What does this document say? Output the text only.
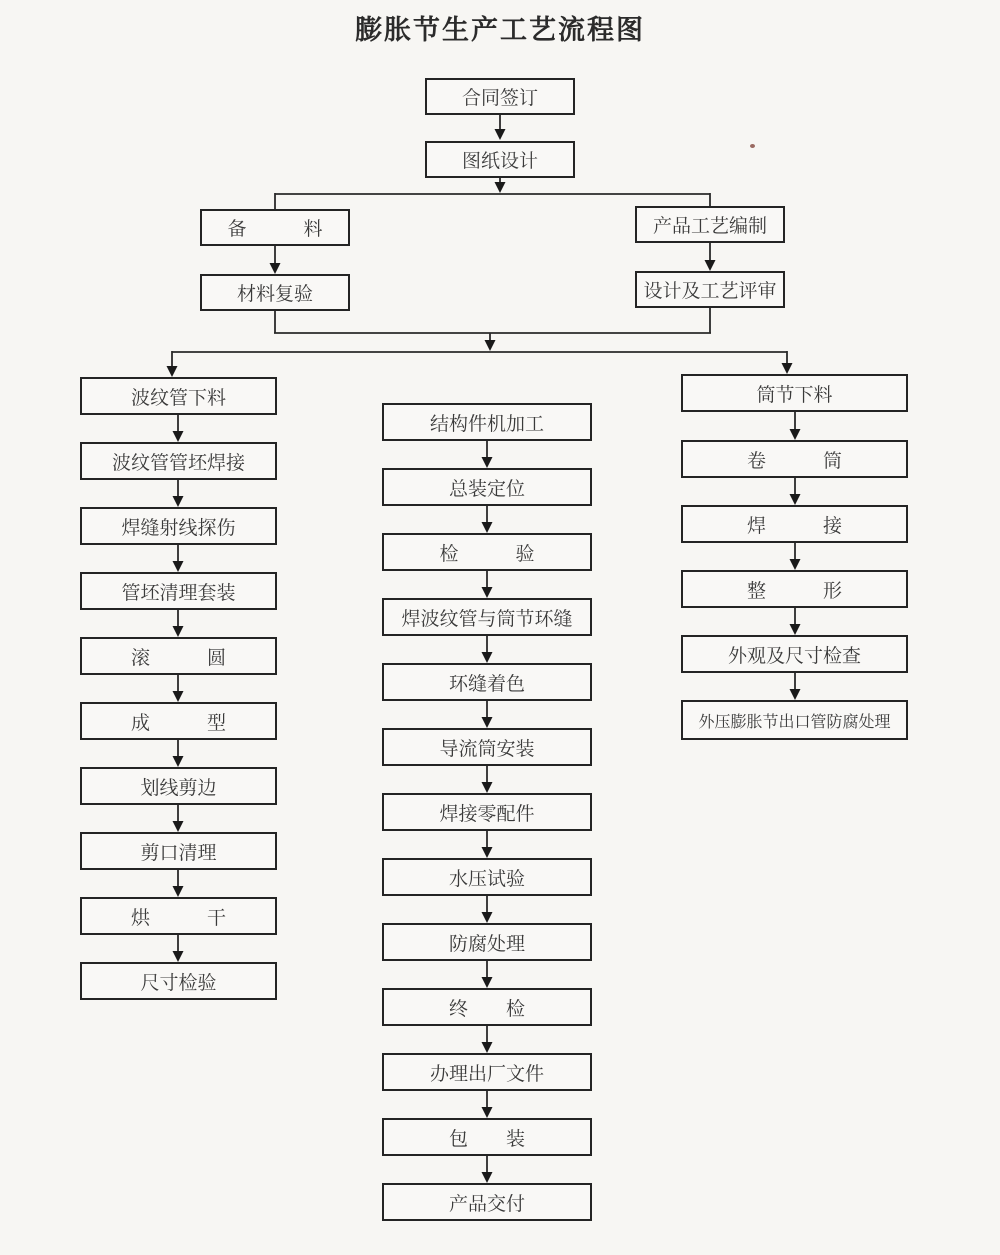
膨胀节生产工艺流程图
合同签订
图纸设计
备　　　料
材料复验
产品工艺编制
设计及工艺评审
波纹管下料
波纹管管坯焊接
焊缝射线探伤
管坯清理套装
滚　　　圆
成　　　型
划线剪边
剪口清理
烘　　　干
尺寸检验
结构件机加工
总装定位
检　　　验
焊波纹管与筒节环缝
环缝着色
导流筒安装
焊接零配件
水压试验
防腐处理
终　　检
办理出厂文件
包　　装
产品交付
筒节下料
卷　　　筒
焊　　　接
整　　　形
外观及尺寸检查
外压膨胀节出口管防腐处理
